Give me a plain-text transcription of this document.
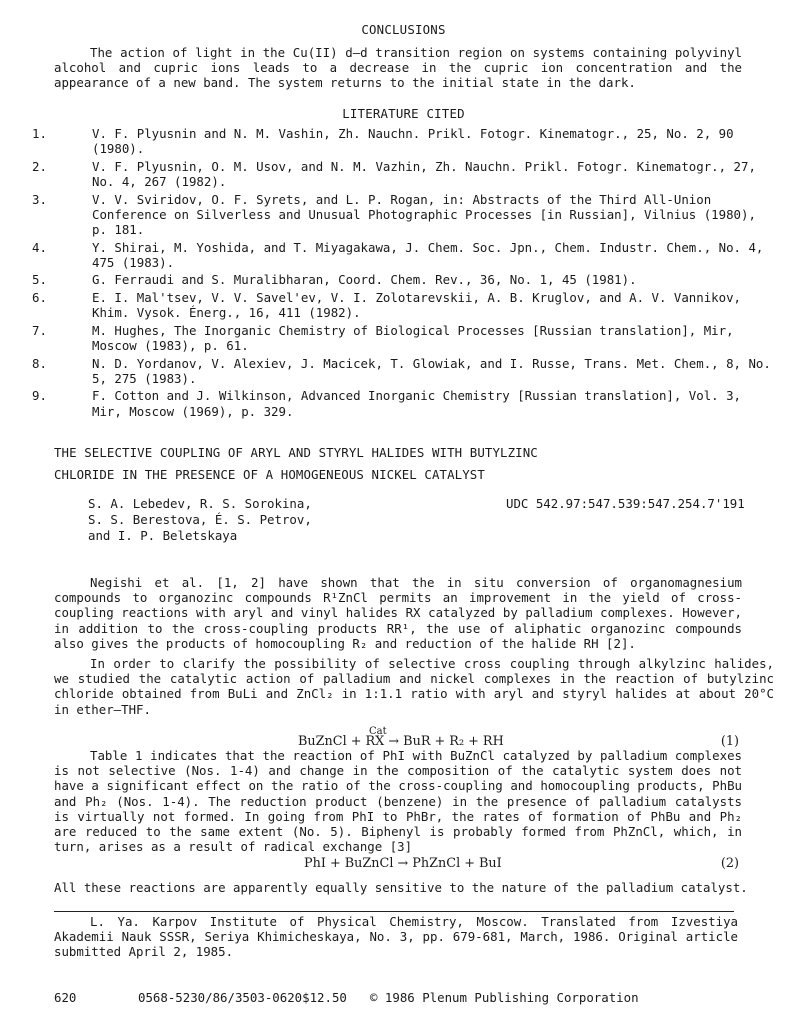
CONCLUSIONS

The action of light in the Cu(II) d–d transition region on systems containing polyvinyl alcohol and cupric ions leads to a decrease in the cupric ion concentration and the appearance of a new band. The system returns to the initial state in the dark.

LITERATURE CITED
1.	V. F. Plyusnin and N. M. Vashin, Zh. Nauchn. Prikl. Fotogr. Kinematogr., 25, No. 2, 90 (1980).
2.	V. F. Plyusnin, O. M. Usov, and N. M. Vazhin, Zh. Nauchn. Prikl. Fotogr. Kinematogr., 27, No. 4, 267 (1982).
3.	V. V. Sviridov, O. F. Syrets, and L. P. Rogan, in: Abstracts of the Third All-Union Conference on Silverless and Unusual Photographic Processes [in Russian], Vilnius (1980), p. 181.
4.	Y. Shirai, M. Yoshida, and T. Miyagakawa, J. Chem. Soc. Jpn., Chem. Industr. Chem., No. 4, 475 (1983).
5.	G. Ferraudi and S. Muralibharan, Coord. Chem. Rev., 36, No. 1, 45 (1981).
6.	E. I. Mal'tsev, V. V. Savel'ev, V. I. Zolotarevskii, A. B. Kruglov, and A. V. Vannikov, Khim. Vysok. Énerg., 16, 411 (1982).
7.	M. Hughes, The Inorganic Chemistry of Biological Processes [Russian translation], Mir, Moscow (1983), p. 61.
8.	N. D. Yordanov, V. Alexiev, J. Macicek, T. Glowiak, and I. Russe, Trans. Met. Chem., 8, No. 5, 275 (1983).
9.	F. Cotton and J. Wilkinson, Advanced Inorganic Chemistry [Russian translation], Vol. 3, Mir, Moscow (1969), p. 329.
THE SELECTIVE COUPLING OF ARYL AND STYRYL HALIDES WITH BUTYLZINC
CHLORIDE IN THE PRESENCE OF A HOMOGENEOUS NICKEL CATALYST
S. A. Lebedev, R. S. Sorokina,
S. S. Berestova, É. S. Petrov,
and I. P. Beletskaya
UDC 542.97:547.539:547.254.7'191

Negishi et al. [1, 2] have shown that the in situ conversion of organomagnesium compounds to organozinc compounds R¹ZnCl permits an improvement in the yield of cross-coupling reactions with aryl and vinyl halides RX catalyzed by palladium complexes. However, in addition to the cross-coupling products RR¹, the use of aliphatic organozinc compounds also gives the products of homocoupling R₂ and reduction of the halide RH [2].

In order to clarify the possibility of selective cross coupling through alkylzinc halides, we studied the catalytic action of palladium and nickel complexes in the reaction of butylzinc chloride obtained from BuLi and ZnCl₂ in 1:1.1 ratio with aryl and styryl halides at about 20°C in ether–THF.

Cat
BuZnCl + RX → BuR + R₂ + RH	(1)

Table 1 indicates that the reaction of PhI with BuZnCl catalyzed by palladium complexes is not selective (Nos. 1-4) and change in the composition of the catalytic system does not have a significant effect on the ratio of the cross-coupling and homocoupling products, PhBu and Ph₂ (Nos. 1-4). The reduction product (benzene) in the presence of palladium catalysts is virtually not formed. In going from PhI to PhBr, the rates of formation of PhBu and Ph₂ are reduced to the same extent (No. 5). Biphenyl is probably formed from PhZnCl, which, in turn, arises as a result of radical exchange [3]

PhI + BuZnCl → PhZnCl + BuI	(2)

All these reactions are apparently equally sensitive to the nature of the palladium catalyst.

L. Ya. Karpov Institute of Physical Chemistry, Moscow. Translated from Izvestiya Akademii Nauk SSSR, Seriya Khimicheskaya, No. 3, pp. 679-681, March, 1986. Original article submitted April 2, 1985.

620	0568-5230/86/3503-0620$12.50 © 1986 Plenum Publishing Corporation
